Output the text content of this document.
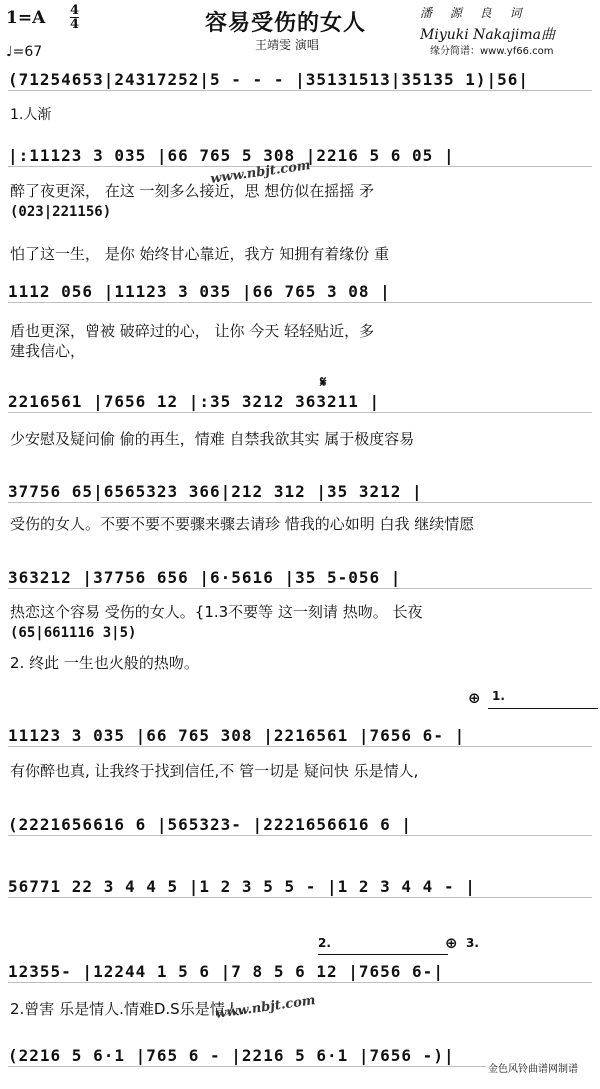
1=A 4
4
♩=67
容易受伤的女人
王靖雯 演唱
潘 源 良 词
Miyuki Nakajima曲
缘分简谱：www.yf66.com
(71254653|24317252|5 - - - |35131513|35135 1)|56|
1.人渐
|:11123 3 035 |66 765 5 308 |2216 5 6 05 |
醉了夜更深， 在这 一刻多么接近，思 想仿似在摇摇 矛
(023|221156)
怕了这一生， 是你 始终甘心靠近，我方 知拥有着缘份 重
1112 056 |11123 3 035 |66 765 3 08 |
盾也更深，曾被 破碎过的心， 让你 今天 轻轻贴近，多
建我信心，
2216561 |7656 12 |:35 3212 363211 |
少安慰及疑问偷 偷的再生，情难 自禁我欲其实 属于极度容易
37756 65|6565323 366|212 312 |35 3212 |
受伤的女人。不要不要不要骤来骤去请珍 惜我的心如明 白我 继续情愿
363212 |37756 656 |6·5616 |35 5-056 |
热恋这个容易 受伤的女人。{1.3不要等 这一刻请 热吻。 长夜
(65|661116 3|5)
2. 终此 一生也火般的热吻。
11123 3 035 |66 765 308 |2216561 |7656 6- |
有你醉也真, 让我终于找到信任,不 管一切是 疑问快 乐是情人,
(2221656616 6 |565323- |2221656616 6 |
56771 22 3 4 4 5 |1 2 3 5 5 - |1 2 3 4 4 - |
12355- |12244 1 5 6 |7 8 5 6 12 |7656 6-|
2.曾害 乐是情人.情难D.S乐是情人.
(2216 5 6·1 |765 6 - |2216 5 6·1 |7656 -)|
𝄋
⊕ 1.
2.	⊕ 3.
www.nbjt.com
www.nbjt.com
金色风铃曲谱网制谱
